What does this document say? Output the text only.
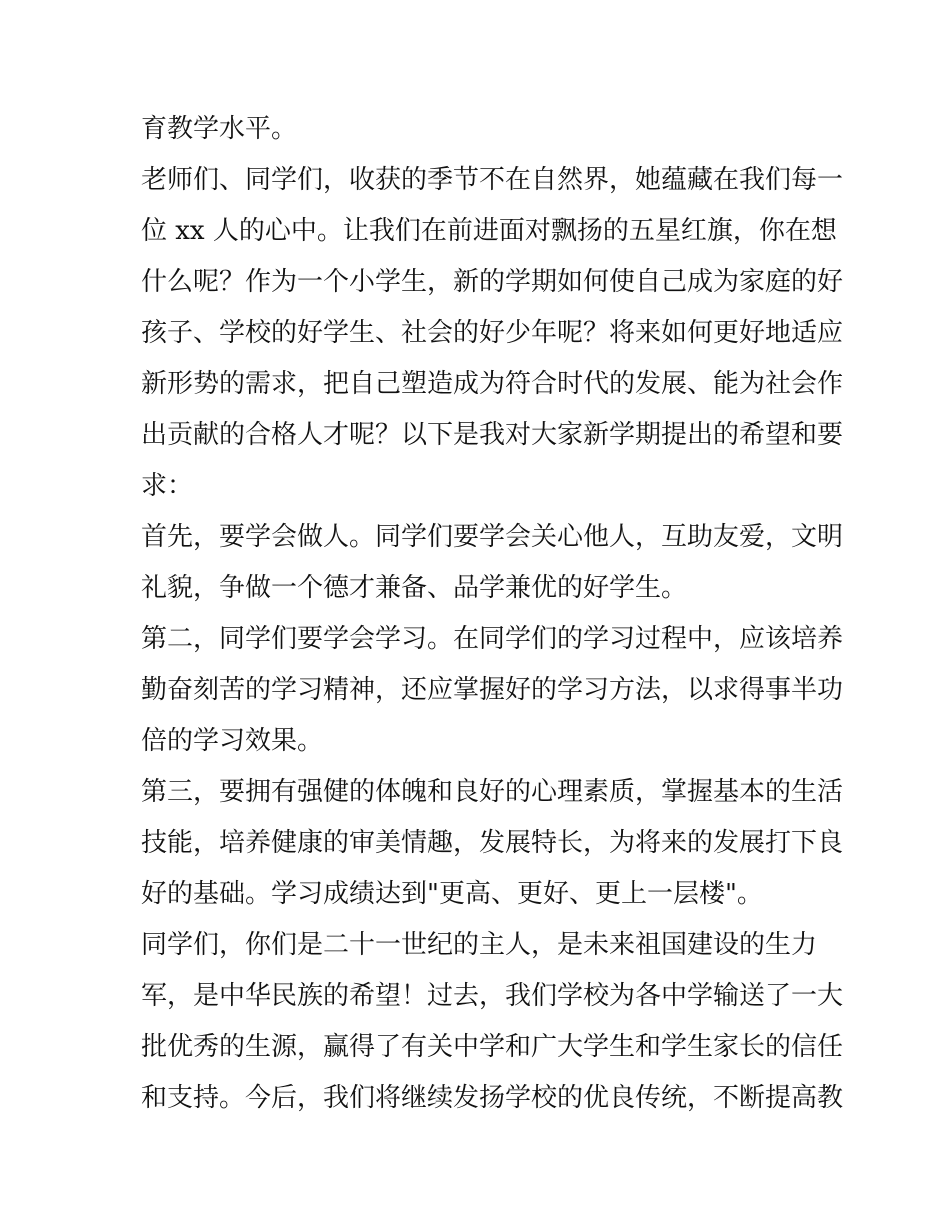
育教学水平。
老师们、同学们，收获的季节不在自然界，她蕴藏在我们每一
位 xx 人的心中。让我们在前进面对飘扬的五星红旗，你在想
什么呢？作为一个小学生，新的学期如何使自己成为家庭的好
孩子、学校的好学生、社会的好少年呢？将来如何更好地适应
新形势的需求，把自己塑造成为符合时代的发展、能为社会作
出贡献的合格人才呢？以下是我对大家新学期提出的希望和要
求：
首先，要学会做人。同学们要学会关心他人，互助友爱，文明
礼貌，争做一个德才兼备、品学兼优的好学生。
第二，同学们要学会学习。在同学们的学习过程中，应该培养
勤奋刻苦的学习精神，还应掌握好的学习方法，以求得事半功
倍的学习效果。
第三，要拥有强健的体魄和良好的心理素质，掌握基本的生活
技能，培养健康的审美情趣，发展特长，为将来的发展打下良
好的基础。学习成绩达到"更高、更好、更上一层楼"。
同学们，你们是二十一世纪的主人，是未来祖国建设的生力
军，是中华民族的希望！过去，我们学校为各中学输送了一大
批优秀的生源，赢得了有关中学和广大学生和学生家长的信任
和支持。今后，我们将继续发扬学校的优良传统，不断提高教
